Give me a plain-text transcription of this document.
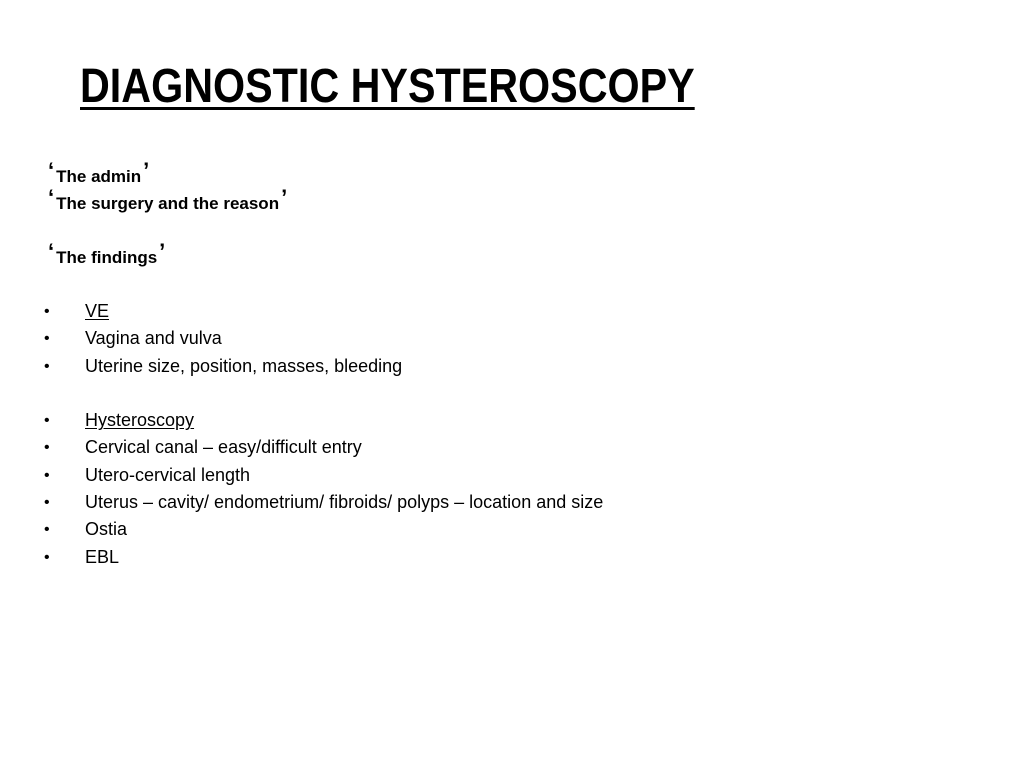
DIAGNOSTIC HYSTEROSCOPY
‘ The admin’
‘ The surgery and the reason’
‘ The findings’
• VE
• Vagina and vulva
• Uterine size, position, masses, bleeding
• Hysteroscopy
• Cervical canal – easy/difficult entry
• Utero-cervical length
• Uterus – cavity/ endometrium/ fibroids/ polyps – location and size
• Ostia
• EBL
